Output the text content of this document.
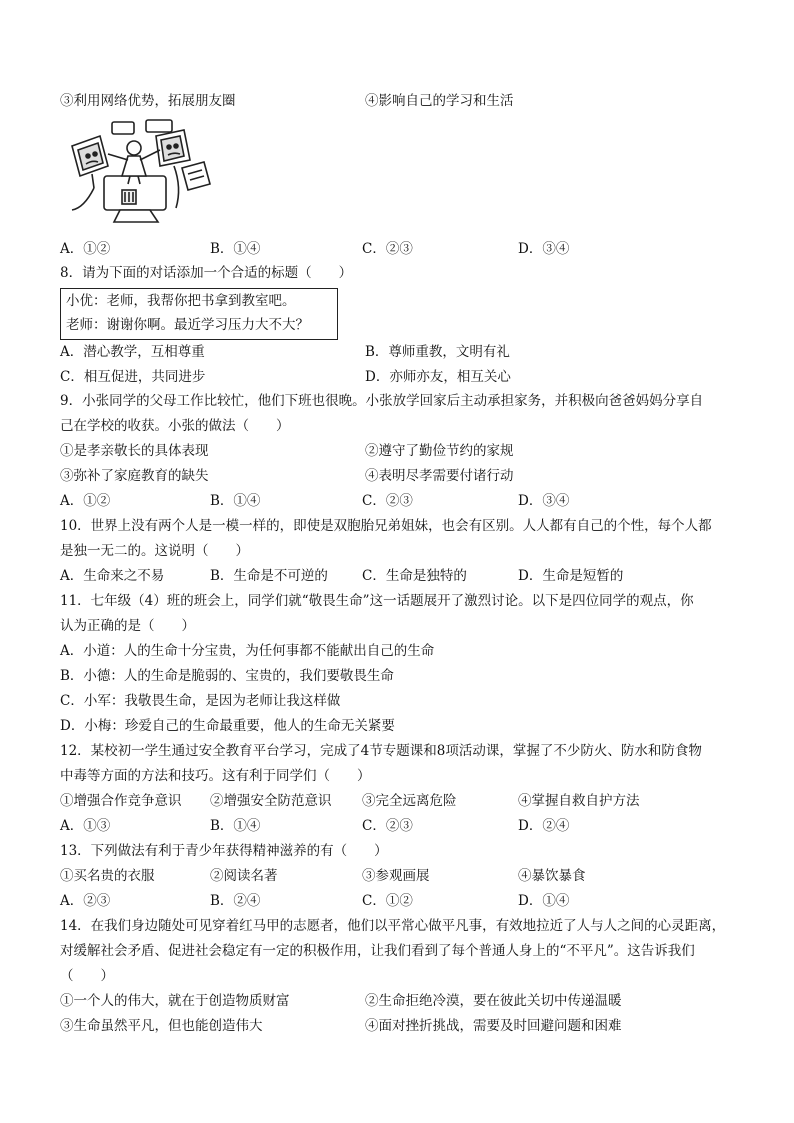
③利用网络优势，拓展朋友圈	④影响自己的学习和生活
A．①②	B．①④	C．②③	D．③④
8．请为下面的对话添加一个合适的标题（　　）
小优：老师，我帮你把书拿到教室吧。
老师：谢谢你啊。最近学习压力大不大？
A．潜心教学，互相尊重	B．尊师重教，文明有礼
C．相互促进，共同进步	D．亦师亦友，相互关心
9．小张同学的父母工作比较忙，他们下班也很晚。小张放学回家后主动承担家务，并积极向爸爸妈妈分享自
己在学校的收获。小张的做法（　　）
①是孝亲敬长的具体表现	②遵守了勤俭节约的家规
③弥补了家庭教育的缺失	④表明尽孝需要付诸行动
A．①②	B．①④	C．②③	D．③④
10．世界上没有两个人是一模一样的，即使是双胞胎兄弟姐妹，也会有区别。人人都有自己的个性，每个人都
是独一无二的。这说明（　　）
A．生命来之不易	B．生命是不可逆的	C．生命是独特的	D．生命是短暂的
11．七年级（4）班的班会上，同学们就“敬畏生命”这一话题展开了激烈讨论。以下是四位同学的观点，你
认为正确的是（　　）
A．小道：人的生命十分宝贵，为任何事都不能献出自己的生命
B．小德：人的生命是脆弱的、宝贵的，我们要敬畏生命
C．小军：我敬畏生命，是因为老师让我这样做
D．小梅：珍爱自己的生命最重要，他人的生命无关紧要
12．某校初一学生通过安全教育平台学习，完成了4节专题课和8项活动课，掌握了不少防火、防水和防食物
中毒等方面的方法和技巧。这有利于同学们（　　）
①增强合作竞争意识 ②增强安全防范意识 ③完全远离危险	④掌握自救自护方法
A．①③	B．①④	C．②③	D．②④
13．下列做法有利于青少年获得精神滋养的有（　　）
①买名贵的衣服	②阅读名著	③参观画展	④暴饮暴食
A．②③	B．②④	C．①②	D．①④
14．在我们身边随处可见穿着红马甲的志愿者，他们以平常心做平凡事，有效地拉近了人与人之间的心灵距离，
对缓解社会矛盾、促进社会稳定有一定的积极作用，让我们看到了每个普通人身上的“不平凡”。这告诉我们
（　　）
①一个人的伟大，就在于创造物质财富	②生命拒绝冷漠，要在彼此关切中传递温暖
③生命虽然平凡，但也能创造伟大	④面对挫折挑战，需要及时回避问题和困难
